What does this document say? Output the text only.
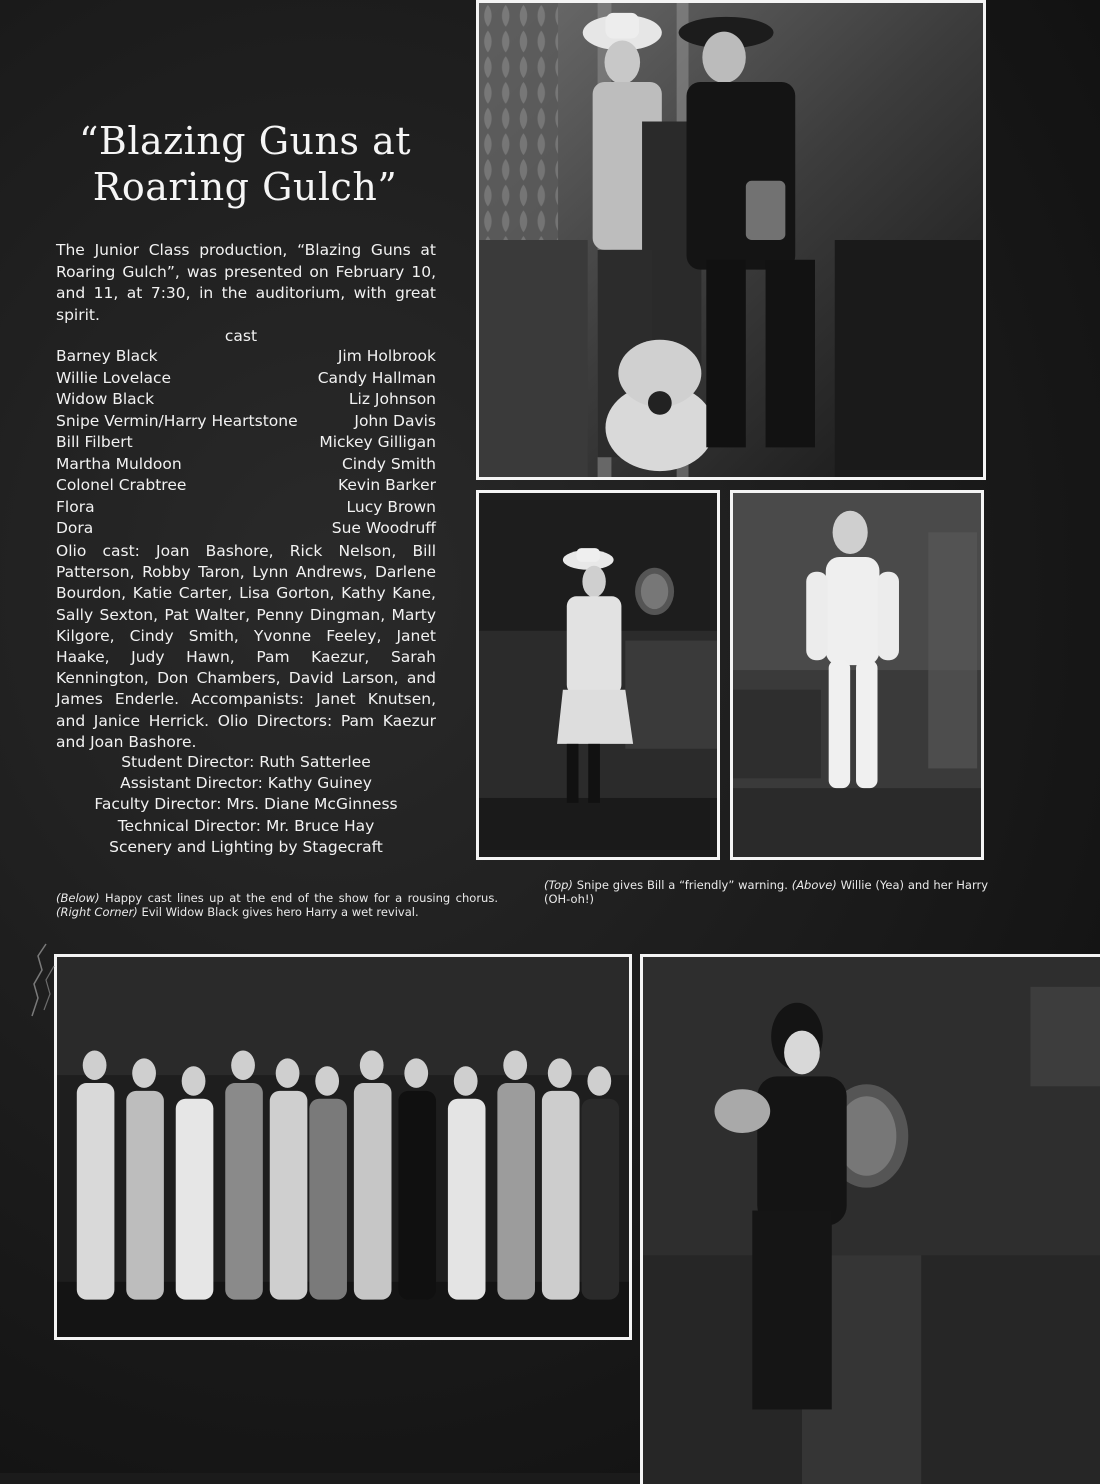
“Blazing Guns at
Roaring Gulch”
The Junior Class production, “Blazing Guns at Roaring Gulch”, was presented on February 10, and 11, at 7:30, in the auditorium, with great spirit.
cast
Barney Black	Jim Holbrook
Willie Lovelace	Candy Hallman
Widow Black	Liz Johnson
Snipe Vermin/Harry Heartstone	John Davis
Bill Filbert	Mickey Gilligan
Martha Muldoon	Cindy Smith
Colonel Crabtree	Kevin Barker
Flora	Lucy Brown
Dora	Sue Woodruff
Olio cast: Joan Bashore, Rick Nelson, Bill Patterson, Robby Taron, Lynn Andrews, Darlene Bourdon, Katie Carter, Lisa Gorton, Kathy Kane, Sally Sexton, Pat Walter, Penny Dingman, Marty Kilgore, Cindy Smith, Yvonne Feeley, Janet Haake, Judy Hawn, Pam Kaezur, Sarah Kennington, Don Chambers, David Larson, and James Enderle. Accompanists: Janet Knutsen, and Janice Herrick. Olio Directors: Pam Kaezur and Joan Bashore.
Student Director: Ruth Satterlee
Assistant Director: Kathy Guiney
Faculty Director: Mrs. Diane McGinness
Technical Director: Mr. Bruce Hay
Scenery and Lighting by Stagecraft
(Below) Happy cast lines up at the end of the show for a rousing chorus. (Right Corner) Evil Widow Black gives hero Harry a wet revival.
(Top) Snipe gives Bill a “friendly” warning. (Above) Willie (Yea) and her Harry (OH-oh!)
